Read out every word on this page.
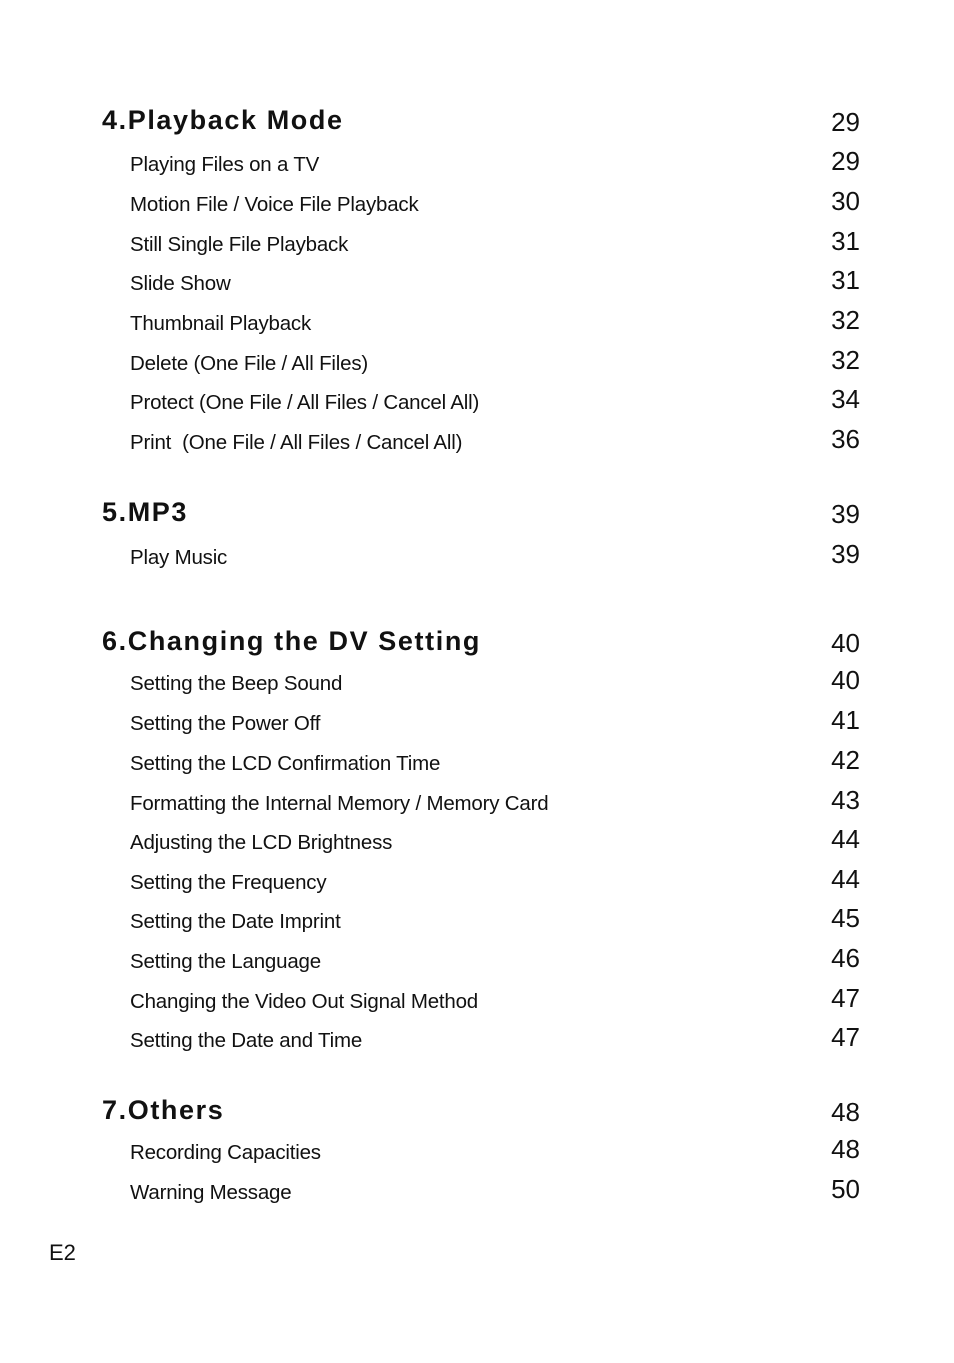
4.Playback Mode	29
Playing Files on a TV	29
Motion File / Voice File Playback	30
Still Single File Playback	31
Slide Show	31
Thumbnail Playback	32
Delete (One File / All Files)	32
Protect (One File / All Files / Cancel All)	34
Print  (One File / All Files / Cancel All)	36
5.MP3	39
Play Music	39
6.Changing the DV Setting	40
Setting the Beep Sound	40
Setting the Power Off	41
Setting the LCD Confirmation Time	42
Formatting the Internal Memory / Memory Card	43
Adjusting the LCD Brightness	44
Setting the Frequency	44
Setting the Date Imprint	45
Setting the Language	46
Changing the Video Out Signal Method	47
Setting the Date and Time	47
7.Others	48
Recording Capacities	48
Warning Message	50
E2
